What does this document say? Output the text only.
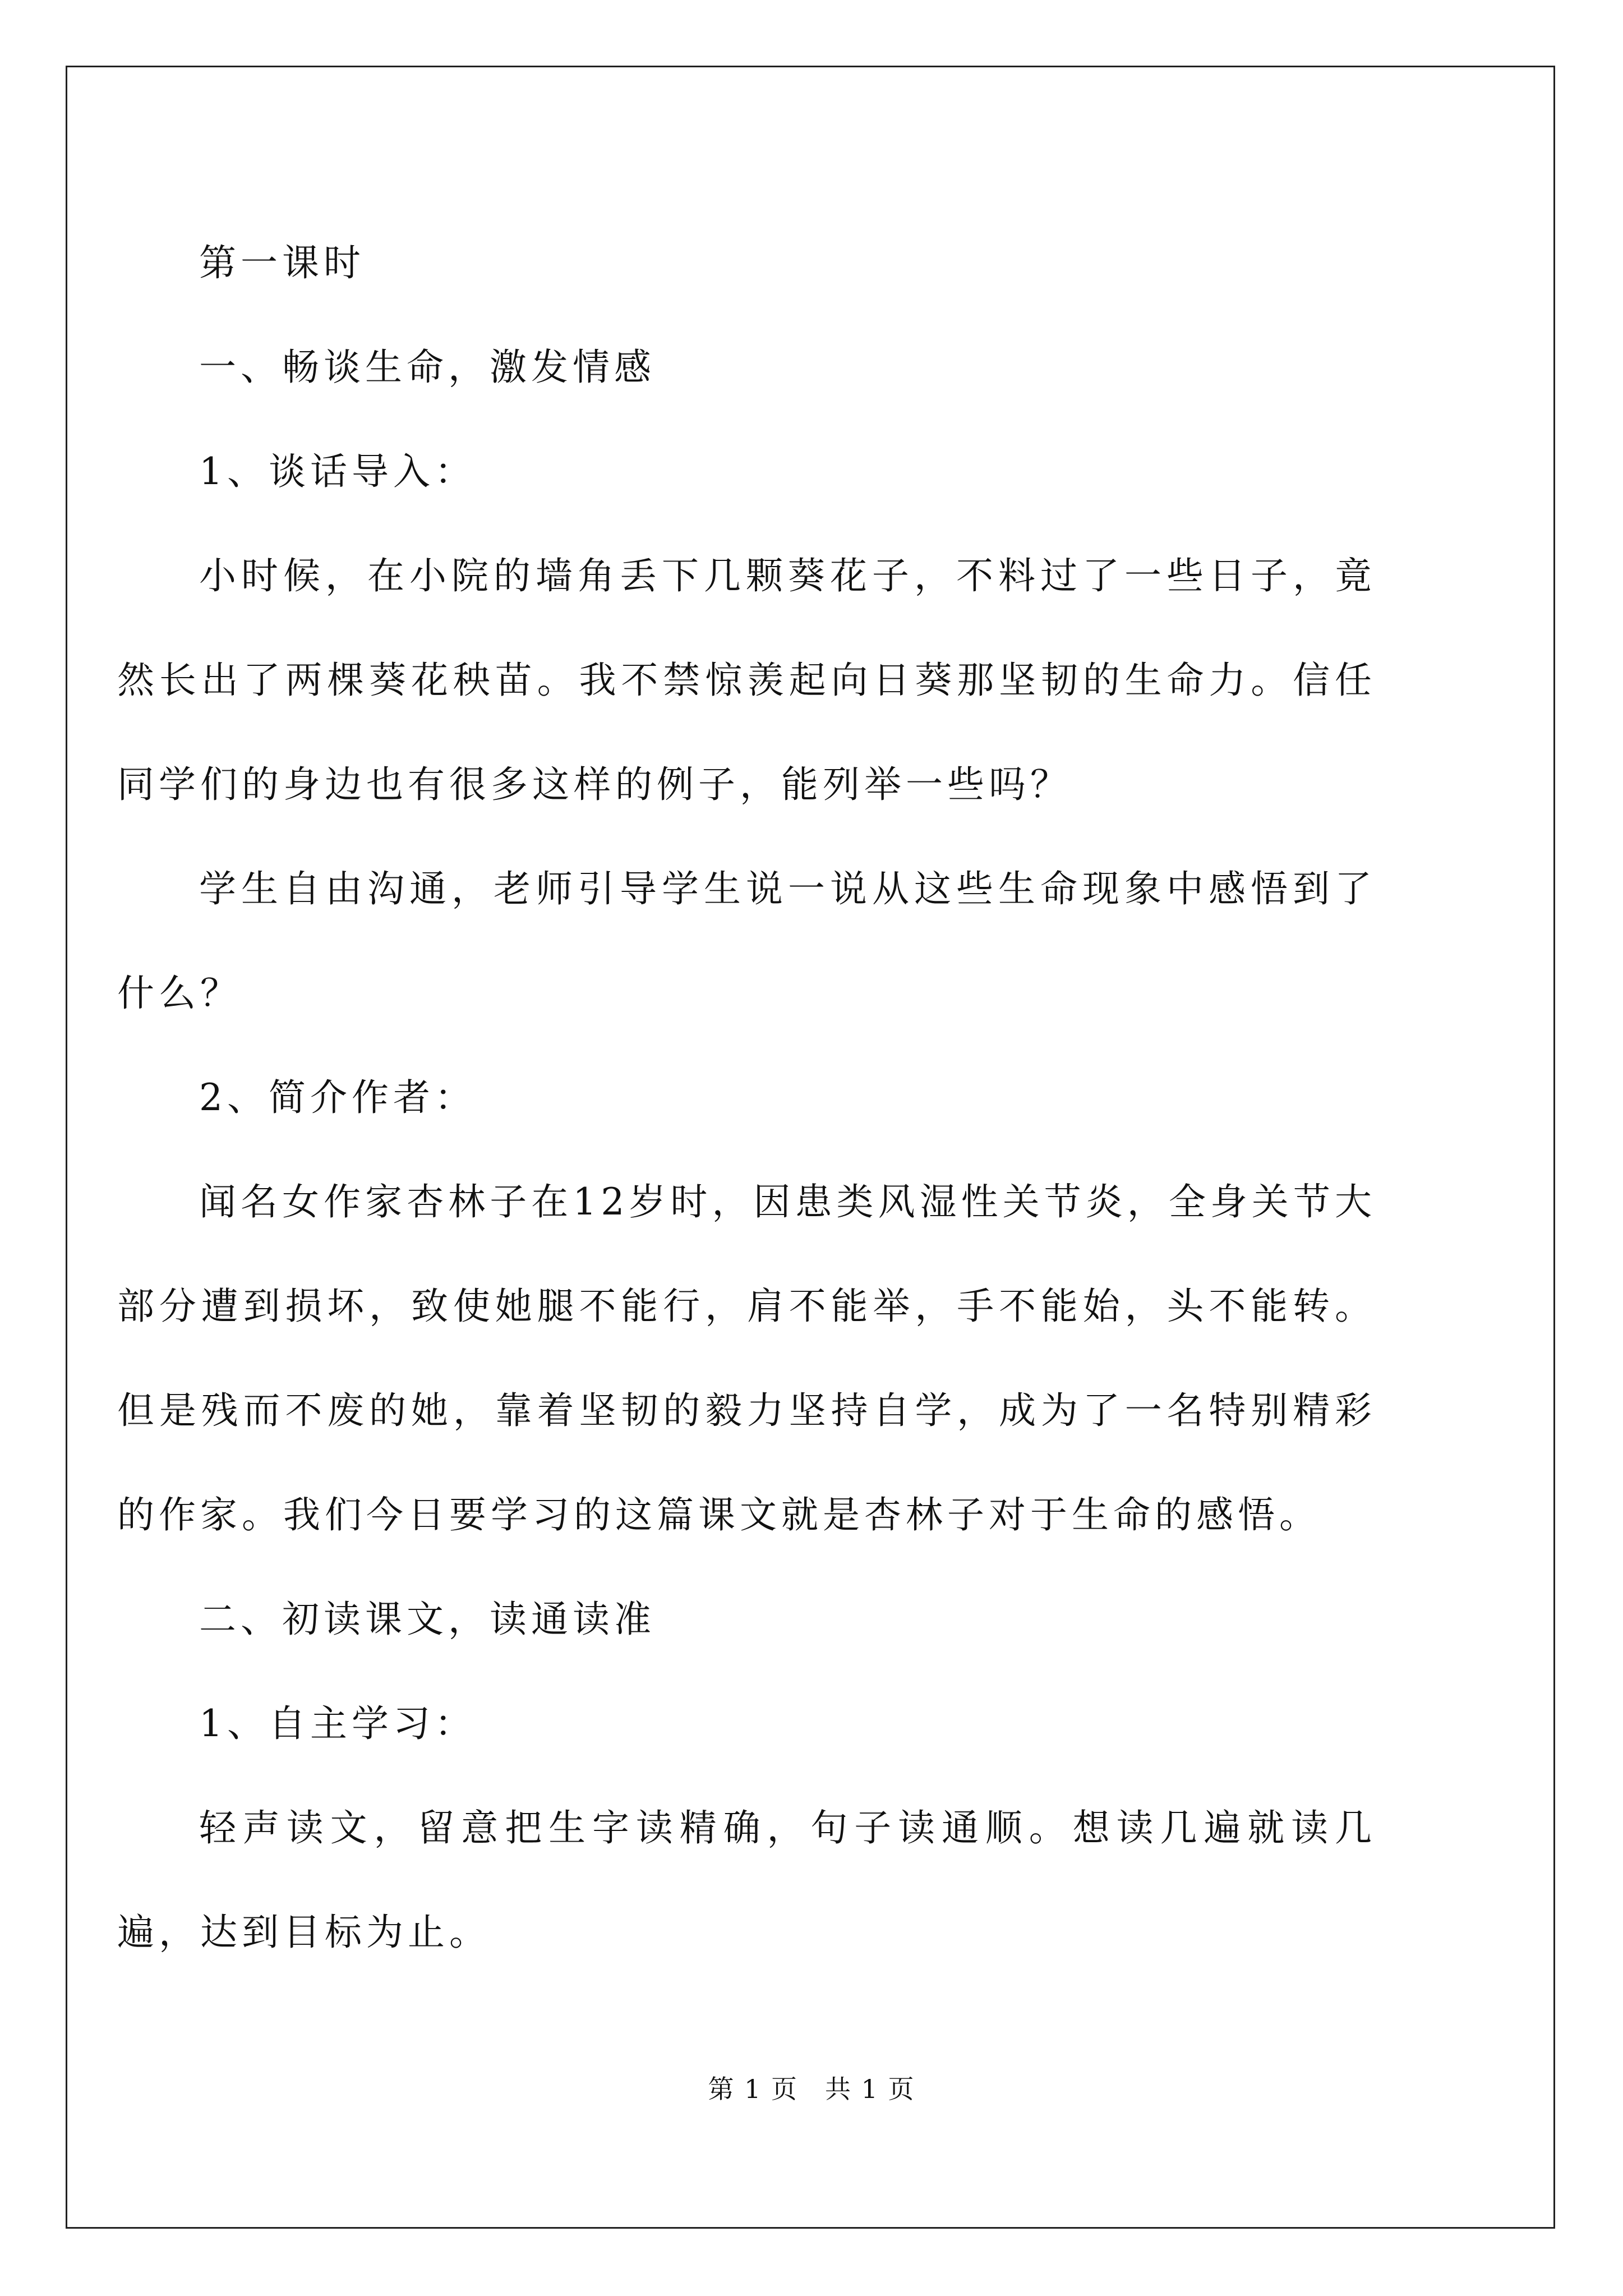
第一课时

一、畅谈生命，激发情感

1、谈话导入：

小时候，在小院的墙角丢下几颗葵花子，不料过了一些日子，竟然长出了两棵葵花秧苗。我不禁惊羡起向日葵那坚韧的生命力。信任同学们的身边也有很多这样的例子，能列举一些吗？

学生自由沟通，老师引导学生说一说从这些生命现象中感悟到了什么？

2、简介作者：

闻名女作家杏林子在12岁时，因患类风湿性关节炎，全身关节大部分遭到损坏，致使她腿不能行，肩不能举，手不能始，头不能转。但是残而不废的她，靠着坚韧的毅力坚持自学，成为了一名特别精彩的作家。我们今日要学习的这篇课文就是杏林子对于生命的感悟。

二、初读课文，读通读准

1、自主学习：

轻声读文，留意把生字读精确，句子读通顺。想读几遍就读几遍，达到目标为止。

第 1 页　共 1 页
